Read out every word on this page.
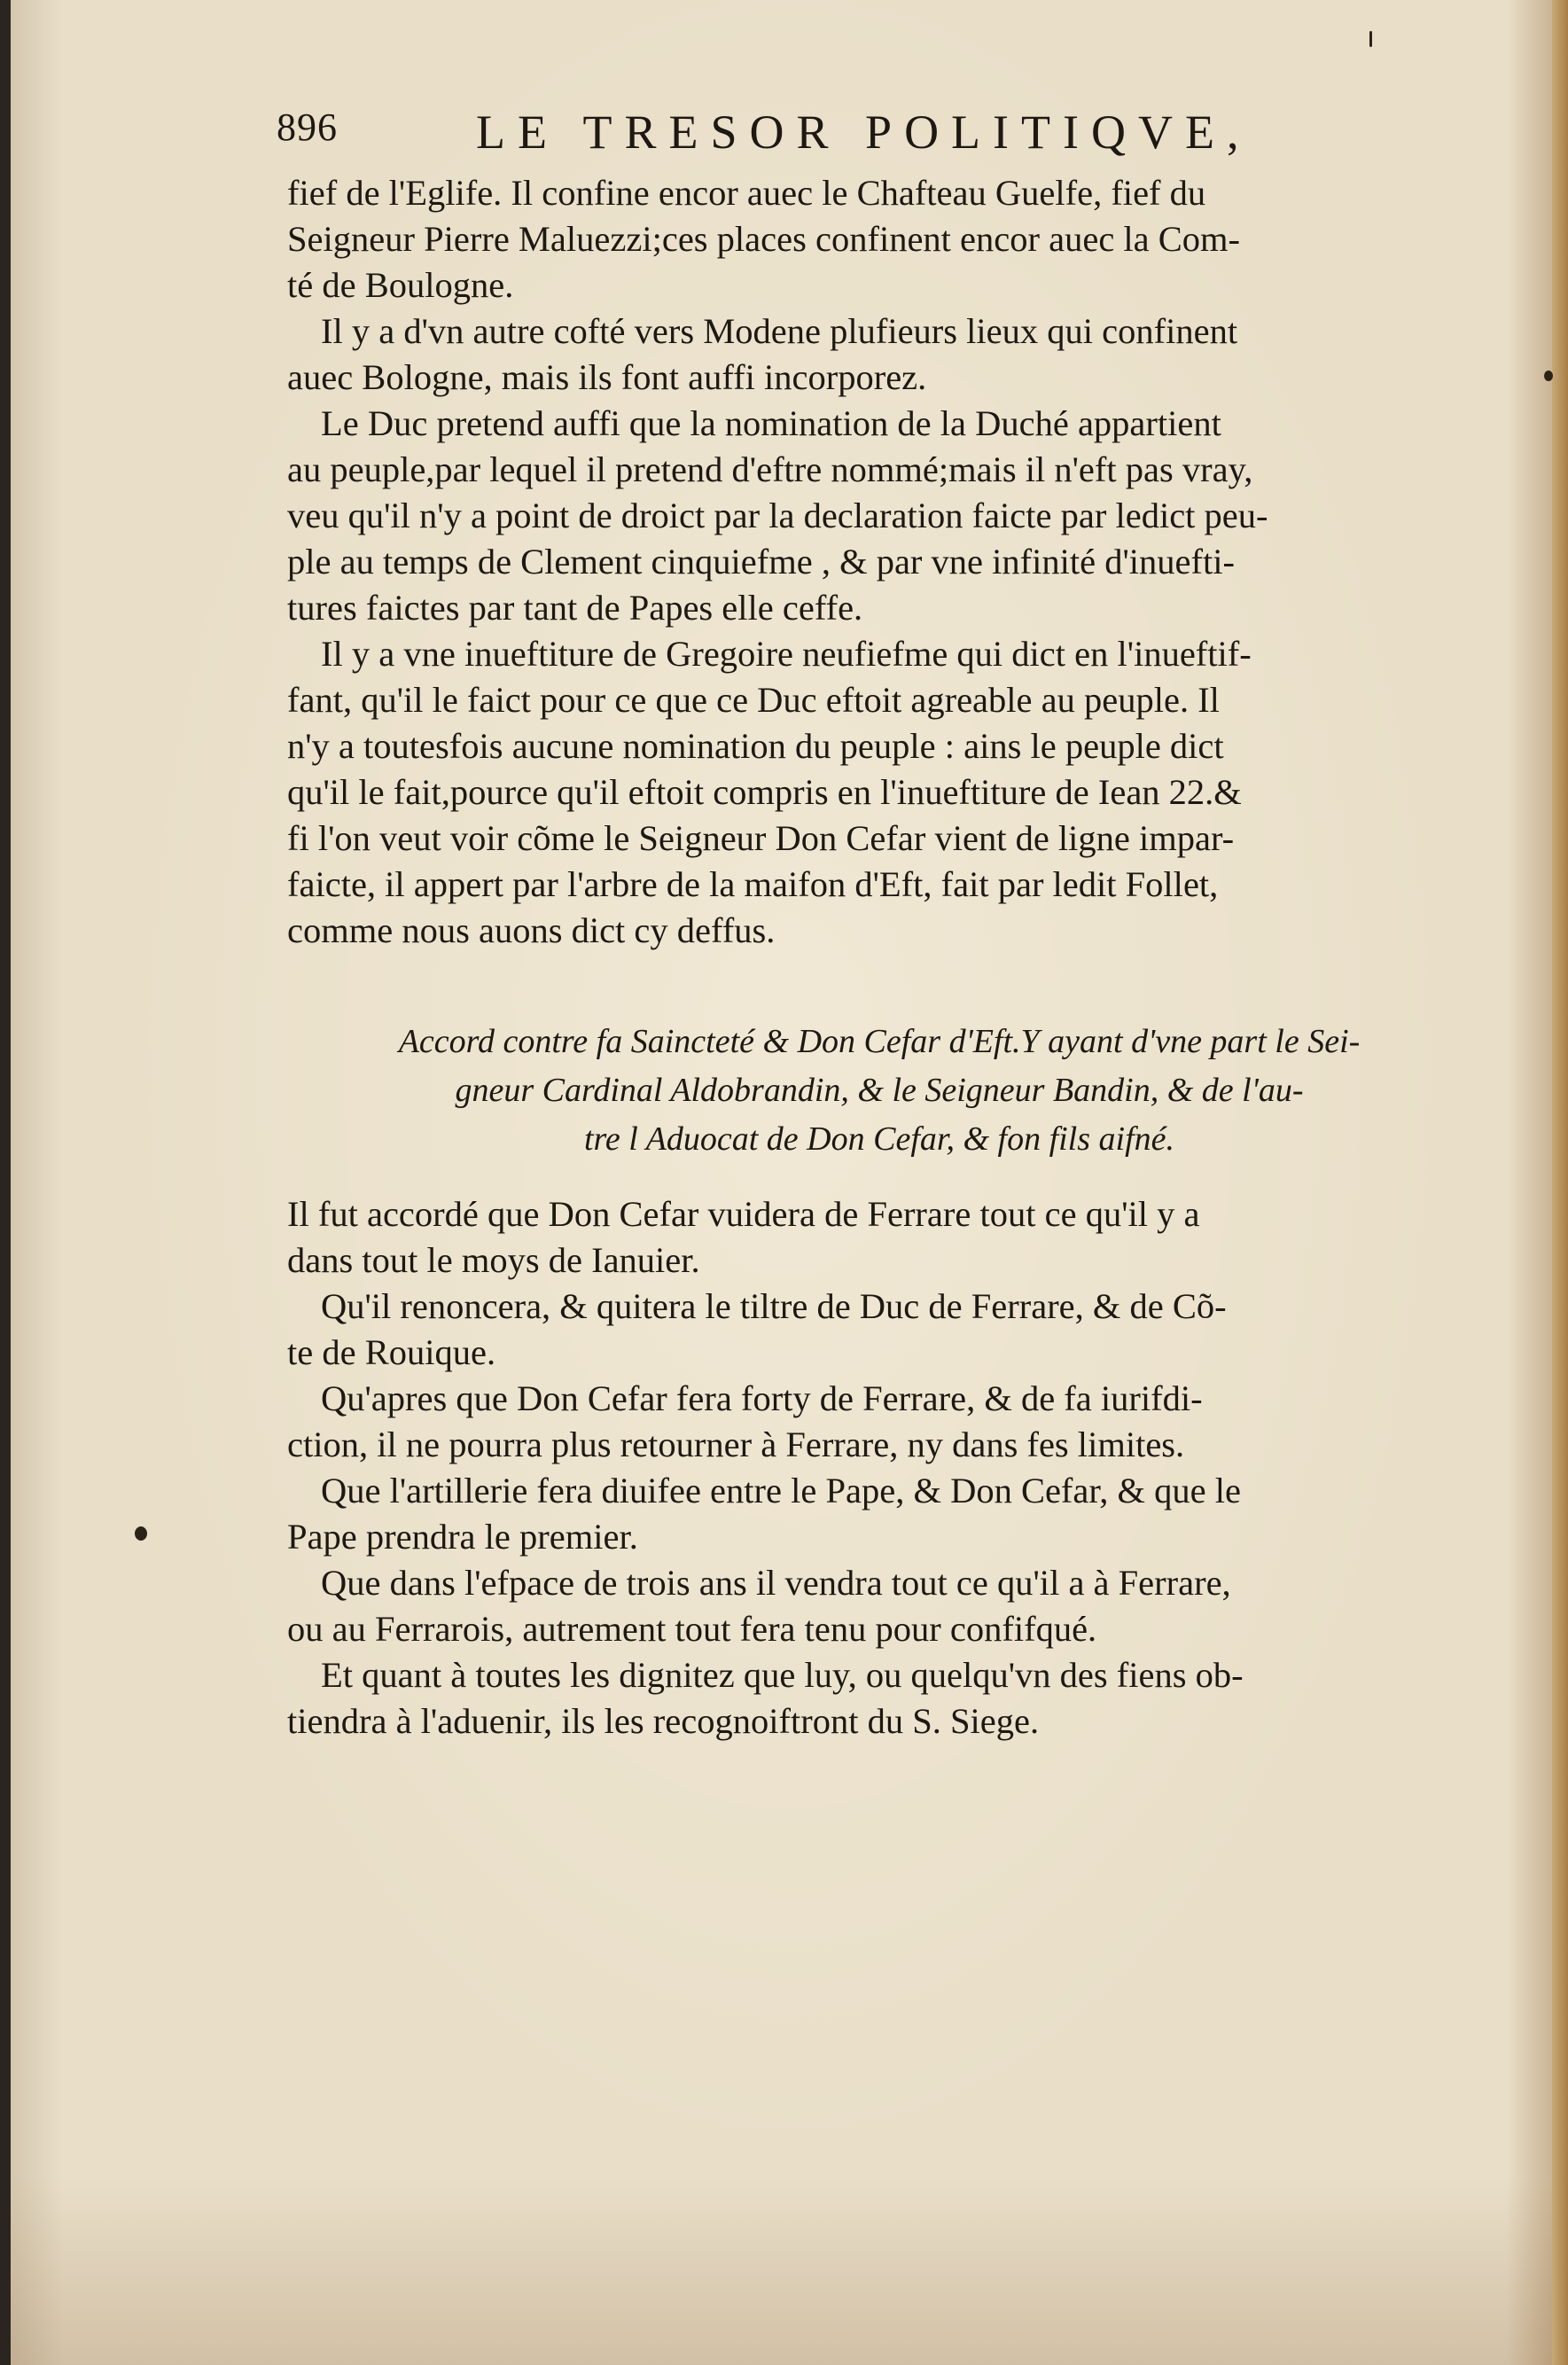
896	LE TRESOR POLITIQVE,
fief de l'Eglife. Il confine encor auec le Chafteau Guelfe, fief du
Seigneur Pierre Maluezzi;ces places confinent encor auec la Com-
té de Boulogne.
Il y a d'vn autre cofté vers Modene plufieurs lieux qui confinent
auec Bologne, mais ils font auffi incorporez.
Le Duc pretend auffi que la nomination de la Duché appartient
au peuple,par lequel il pretend d'eftre nommé;mais il n'eft pas vray,
veu qu'il n'y a point de droict par la declaration faicte par ledict peu-
ple au temps de Clement cinquiefme , & par vne infinité d'inuefti-
tures faictes par tant de Papes elle ceffe.
Il y a vne inueftiture de Gregoire neufiefme qui dict en l'inueftif-
fant, qu'il le faict pour ce que ce Duc eftoit agreable au peuple. Il
n'y a toutesfois aucune nomination du peuple : ains le peuple dict
qu'il le fait,pource qu'il eftoit compris en l'inueftiture de Iean 22.&
fi l'on veut voir cõme le Seigneur Don Cefar vient de ligne impar-
faicte, il appert par l'arbre de la maifon d'Eft, fait par ledit Follet,
comme nous auons dict cy deffus.
Accord contre fa Saincteté & Don Cefar d'Eft.Y ayant d'vne part le Sei-
gneur Cardinal Aldobrandin, & le Seigneur Bandin, & de l'au-
tre l Aduocat de Don Cefar, & fon fils aifné.
Il fut accordé que Don Cefar vuidera de Ferrare tout ce qu'il y a
dans tout le moys de Ianuier.
Qu'il renoncera, & quitera le tiltre de Duc de Ferrare, & de Cõ-
te de Rouique.
Qu'apres que Don Cefar fera forty de Ferrare, & de fa iurifdi-
ction, il ne pourra plus retourner à Ferrare, ny dans fes limites.
Que l'artillerie fera diuifee entre le Pape, & Don Cefar, & que le
Pape prendra le premier.
Que dans l'efpace de trois ans il vendra tout ce qu'il a à Ferrare,
ou au Ferrarois, autrement tout fera tenu pour confifqué.
Et quant à toutes les dignitez que luy, ou quelqu'vn des fiens ob-
tiendra à l'aduenir, ils les recognoiftront du S. Siege.
